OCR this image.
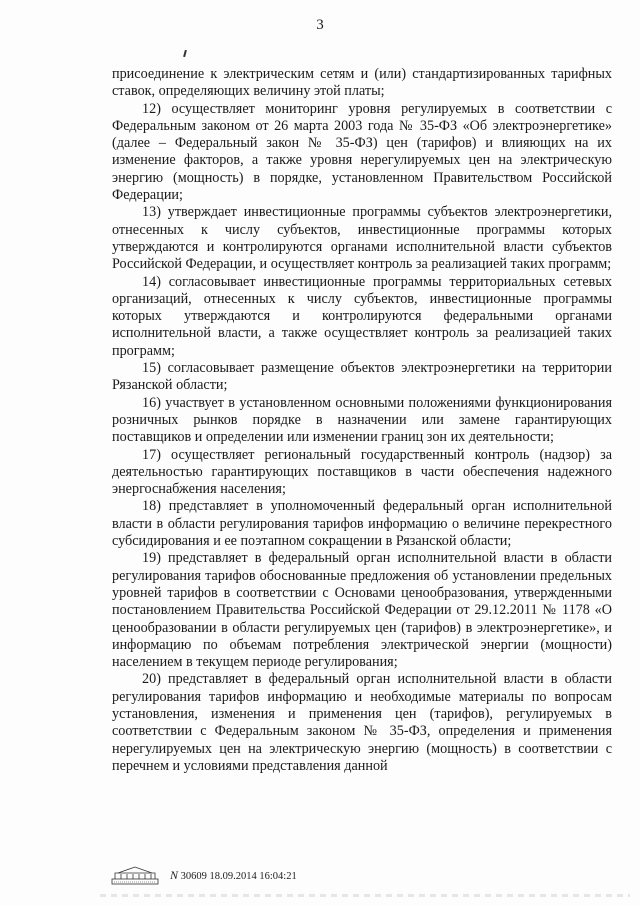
3

присоединение к электрическим сетям и (или) стандартизированных тарифных ставок, определяющих величину этой платы;

12) осуществляет мониторинг уровня регулируемых в соответствии с Федеральным законом от 26 марта 2003 года № 35-ФЗ «Об электроэнергетике» (далее – Федеральный закон № 35-ФЗ) цен (тарифов) и влияющих на их изменение факторов, а также уровня нерегулируемых цен на электрическую энергию (мощность) в порядке, установленном Правительством Российской Федерации;

13) утверждает инвестиционные программы субъектов электроэнергетики, отнесенных к числу субъектов, инвестиционные программы которых утверждаются и контролируются органами исполнительной власти субъектов Российской Федерации, и осуществляет контроль за реализацией таких программ;

14) согласовывает инвестиционные программы территориальных сетевых организаций, отнесенных к числу субъектов, инвестиционные программы которых утверждаются и контролируются федеральными органами исполнительной власти, а также осуществляет контроль за реализацией таких программ;

15) согласовывает размещение объектов электроэнергетики на территории Рязанской области;

16) участвует в установленном основными положениями функционирования розничных рынков порядке в назначении или замене гарантирующих поставщиков и определении или изменении границ зон их деятельности;

17) осуществляет региональный государственный контроль (надзор) за деятельностью гарантирующих поставщиков в части обеспечения надежного энергоснабжения населения;

18) представляет в уполномоченный федеральный орган исполнительной власти в области регулирования тарифов информацию о величине перекрестного субсидирования и ее поэтапном сокращении в Рязанской области;

19) представляет в федеральный орган исполнительной власти в области регулирования тарифов обоснованные предложения об установлении предельных уровней тарифов в соответствии с Основами ценообразования, утвержденными постановлением Правительства Российской Федерации от 29.12.2011 № 1178 «О ценообразовании в области регулируемых цен (тарифов) в электроэнергетике», и информацию по объемам потребления электрической энергии (мощности) населением в текущем периоде регулирования;

20) представляет в федеральный орган исполнительной власти в области регулирования тарифов информацию и необходимые материалы по вопросам установления, изменения и применения цен (тарифов), регулируемых в соответствии с Федеральным законом № 35-ФЗ, определения и применения нерегулируемых цен на электрическую энергию (мощность) в соответствии с перечнем и условиями представления данной

N 30609 18.09.2014 16:04:21
